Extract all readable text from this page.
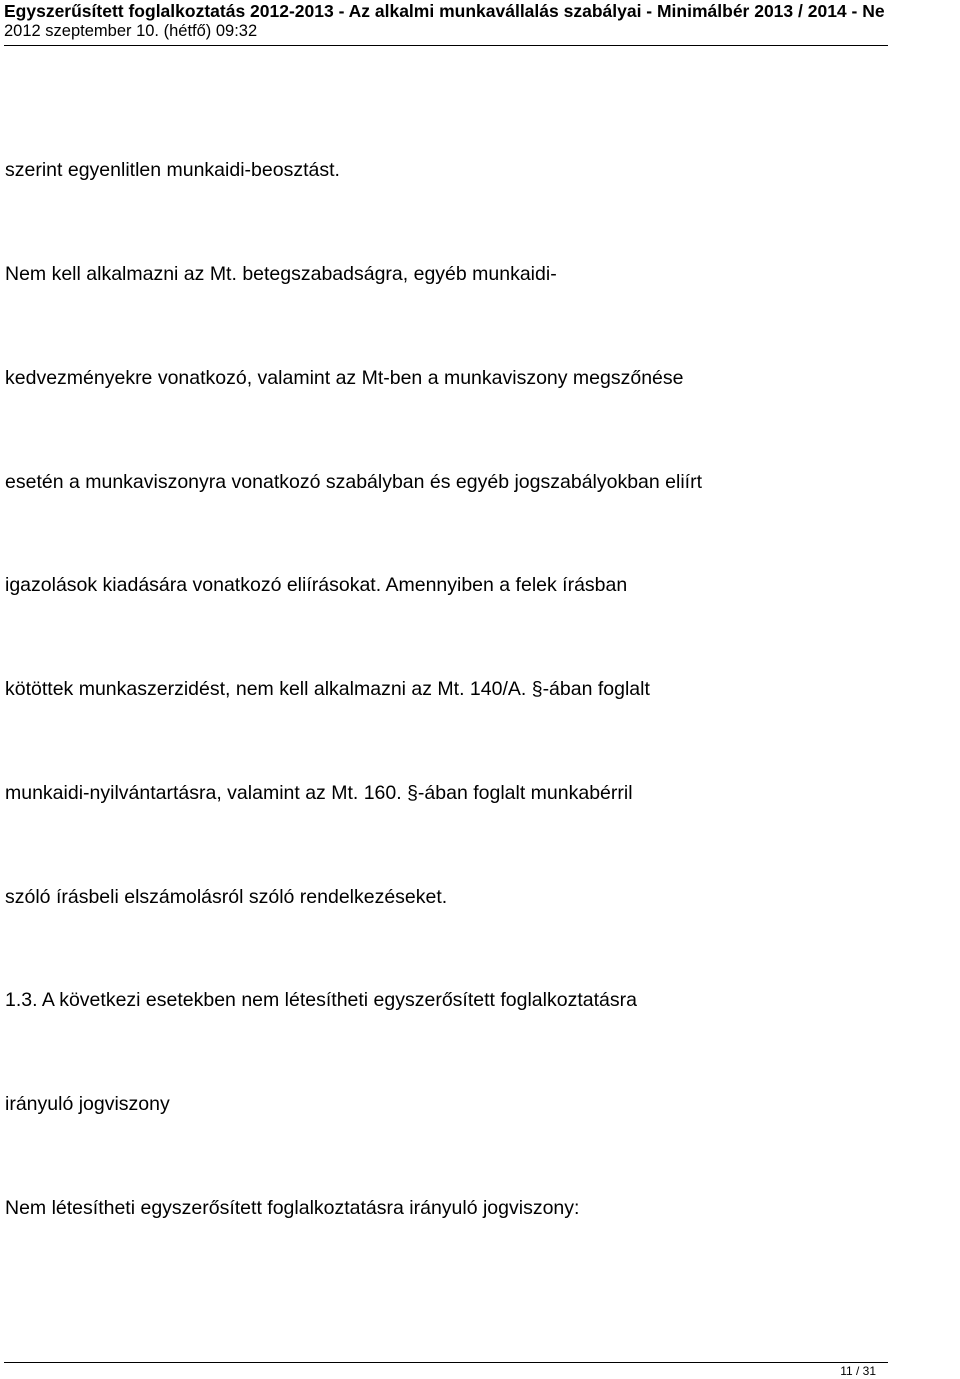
Egyszerűsített foglalkoztatás 2012-2013 - Az alkalmi munkavállalás szabályai - Minimálbér 2013 / 2014 - Ne
2012 szeptember 10. (hétfő) 09:32
szerint egyenlitlen munkaidi-beosztást.
Nem kell alkalmazni az Mt. betegszabadságra, egyéb munkaidi-
kedvezményekre vonatkozó, valamint az Mt-ben a munkaviszony megszőnése
esetén a munkaviszonyra vonatkozó szabályban és egyéb jogszabályokban eliírt
igazolások kiadására vonatkozó eliírásokat. Amennyiben a felek írásban
kötöttek munkaszerzidést, nem kell alkalmazni az Mt. 140/A. §-ában foglalt
munkaidi-nyilvántartásra, valamint az Mt. 160. §-ában foglalt munkabérril
szóló írásbeli elszámolásról szóló rendelkezéseket.
1.3. A következi esetekben nem létesítheti egyszerősített foglalkoztatásra
irányuló jogviszony
Nem létesítheti egyszerősített foglalkoztatásra irányuló jogviszony:
11 / 31
